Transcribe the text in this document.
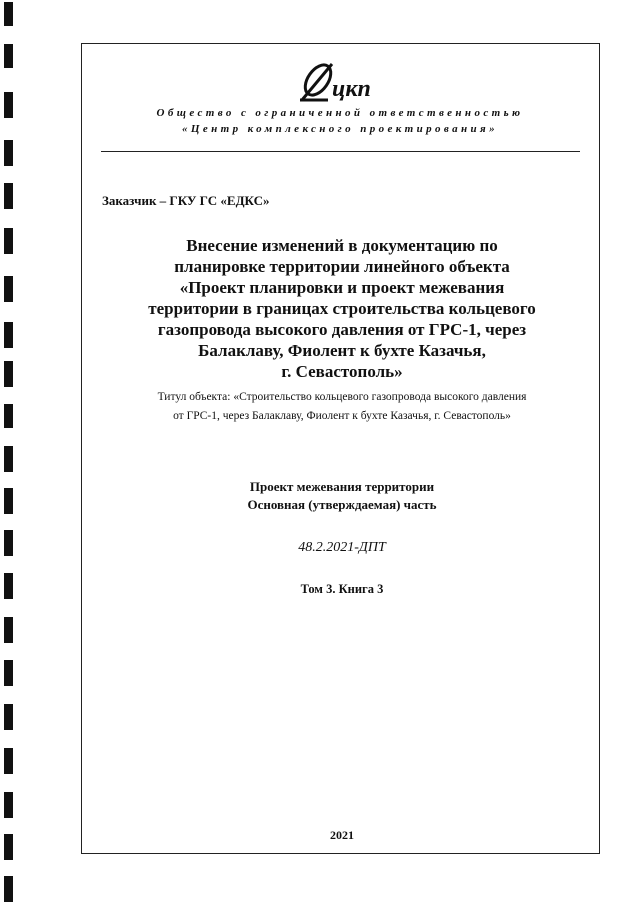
цкп
Общество с ограниченной ответственностью
«Центр комплексного проектирования»
Заказчик – ГКУ ГС «ЕДКС»
Внесение изменений в документацию по
планировке территории линейного объекта
«Проект планировки и проект межевания
территории в границах строительства кольцевого
газопровода высокого давления от ГРС-1, через
Балаклаву, Фиолент к бухте Казачья,
г. Севастополь»
Титул объекта: «Строительство кольцевого газопровода высокого давления
от ГРС-1, через Балаклаву, Фиолент к бухте Казачья, г. Севастополь»
Проект межевания территории
Основная (утверждаемая) часть
48.2.2021-ДПТ
Том 3. Книга 3
2021
